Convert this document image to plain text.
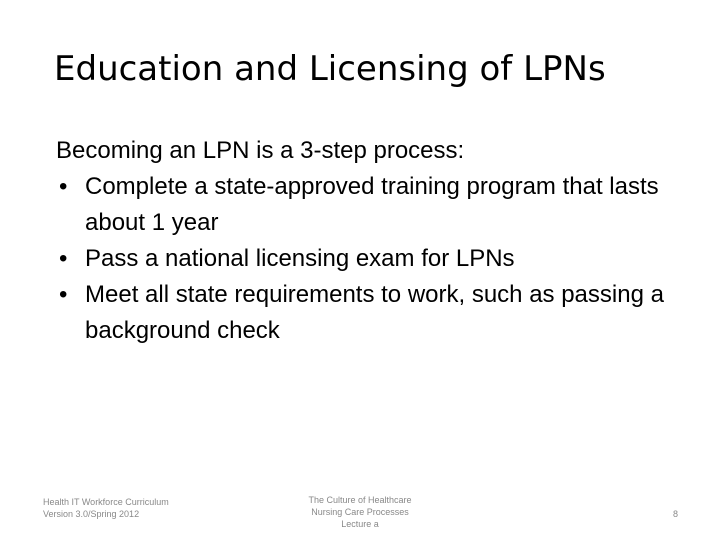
Education and Licensing of LPNs
Becoming an LPN is a 3-step process:
• Complete a state-approved training program that lasts about 1 year
• Pass a national licensing exam for LPNs
• Meet all state requirements to work, such as passing a background check
Health IT Workforce Curriculum
Version 3.0/Spring 2012
The Culture of Healthcare
Nursing Care Processes
Lecture a
8
